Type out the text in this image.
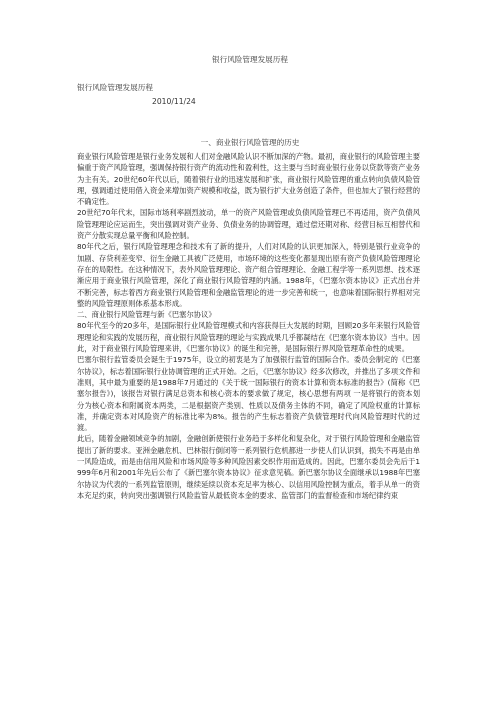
银行风险管理发展历程
银行风险管理发展历程
2010/11/24
一、商业银行风险管理的历史

商业银行风险管理是银行业务发展和人们对金融风险认识不断加深的产物。最初，商业银行的风险管理主要偏重于资产风险管理，强调保持银行资产的流动性和盈利性，这主要与当时商业银行业务以贷款等资产业务为主有关。20世纪60年代以后，随着银行业的迅速发展和扩张，商业银行风险管理的重点转向负债风险管理，强调通过使用借入资金来增加资产规模和收益，既为银行扩大业务创造了条件，但也加大了银行经营的不确定性。

20世纪70年代末，国际市场利率剧烈波动，单一的资产风险管理或负债风险管理已不再适用，资产负债风险管理理论应运而生，突出强调对资产业务、负债业务的协调管理，通过偿还期对称、经营目标互相替代和资产分散实现总量平衡和风险控制。

80年代之后，银行风险管理理念和技术有了新的提升，人们对风险的认识更加深入，特别是银行业竞争的加剧、存贷利差变窄、衍生金融工具被广泛使用，市场环境的这些变化都显现出原有资产负债风险管理理论存在的局限性。在这种情况下，表外风险管理理论、资产组合管理理论、金融工程学等一系列思想、技术逐渐应用于商业银行风险管理，深化了商业银行风险管理的内涵。1988年，《巴塞尔资本协议》正式出台并不断完善，标志着西方商业银行风险管理和金融监管理论的进一步完善和统一，也意味着国际银行界相对完整的风险管理原则体系基本形成。

二、商业银行风险管理与新《巴塞尔协议》

80年代至今的20多年，是国际银行业风险管理模式和内容获得巨大发展的时期，回顾20多年来银行风险管理理论和实践的发展历程，商业银行风险管理的理论与实践成果几乎都凝结在《巴塞尔资本协议》当中。因此，对于商业银行风险管理来讲，《巴塞尔协议》的诞生和完善，是国际银行界风险管理革命性的成果。

巴塞尔银行监管委员会诞生于1975年，设立的初衷是为了加强银行监管的国际合作。委员会制定的《巴塞尔协议》，标志着国际银行业协调管理的正式开始。之后，《巴塞尔协议》经多次修改，并推出了多项文件和准则，其中最为重要的是1988年7月通过的《关于统一国际银行的资本计算和资本标准的报告》(简称《巴塞尔报告》)，该报告对银行满足总资本和核心资本的要求做了规定，核心思想有两项 一是将银行的资本划分为核心资本和附属资本两类，二是根据资产类别、性质以及债务主体的不同，确定了风险权重的计算标准，并确定资本对风险资产的标准比率为8%。报告的产生标志着资产负债管理时代向风险管理时代的过渡。

此后，随着金融领域竞争的加剧，金融创新使银行业务趋于多样化和复杂化，对于银行风险管理和金融监管提出了新的要求。亚洲金融危机、巴林银行倒闭等一系列银行危机都进一步使人们认识到，损失不再是由单一风险造成，而是由信用风险和市场风险等多种风险因素交织作用而造成的。因此，巴塞尔委员会先后于1999年6月和2001年先后公布了《新巴塞尔资本协议》征求意见稿。新巴塞尔协议全面继承以1988年巴塞尔协议为代表的一系列监管原则，继续延续以资本充足率为核心、以信用风险控制为重点，着手从单一的资本充足约束，转向突出强调银行风险监管从最低资本金的要求、监管部门的监督检查和市场纪律约束
